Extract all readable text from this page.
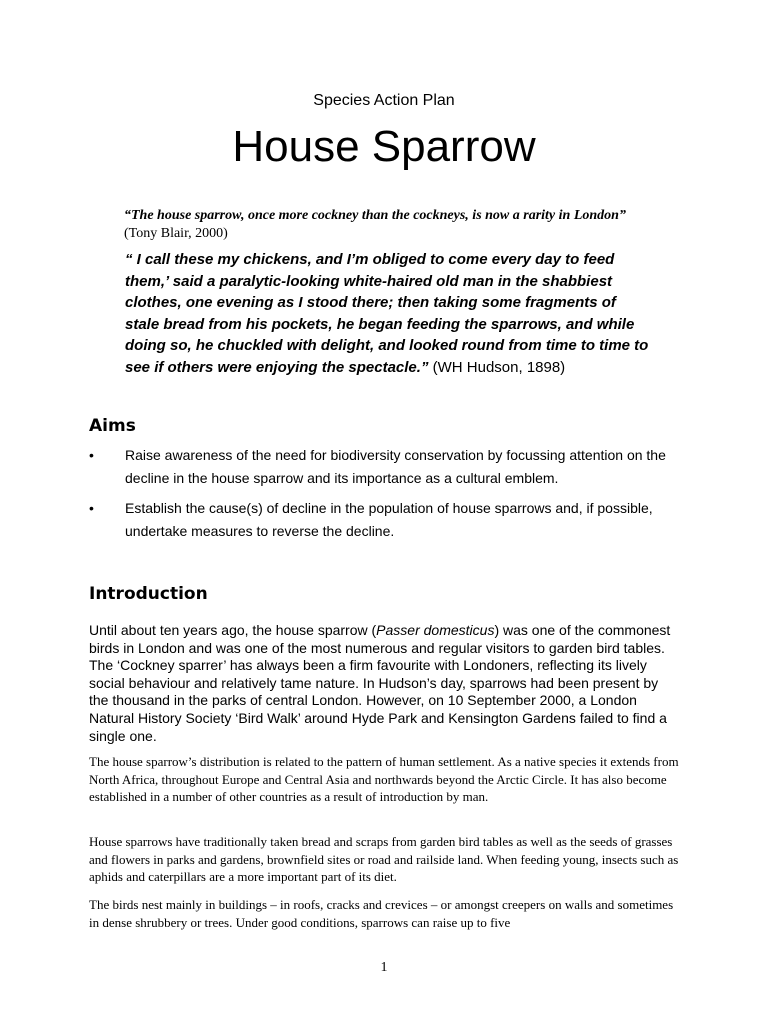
Species Action Plan
House Sparrow
“The house sparrow, once more cockney than the cockneys, is now a rarity in London” (Tony Blair, 2000)
“ I call these my chickens, and I’m obliged to come every day to feed them,’ said a paralytic-looking white-haired old man in the shabbiest clothes, one evening as I stood there; then taking some fragments of stale bread from his pockets, he began feeding the sparrows, and while doing so, he chuckled with delight, and looked round from time to time to see if others were enjoying the spectacle.” (WH Hudson, 1898)
Aims
•	Raise awareness of the need for biodiversity conservation by focussing attention on the decline in the house sparrow and its importance as a cultural emblem.
•	Establish the cause(s) of decline in the population of house sparrows and, if possible, undertake measures to reverse the decline.
Introduction
Until about ten years ago, the house sparrow (Passer domesticus) was one of the commonest birds in London and was one of the most numerous and regular visitors to garden bird tables. The ‘Cockney sparrer’ has always been a firm favourite with Londoners, reflecting its lively social behaviour and relatively tame nature. In Hudson’s day, sparrows had been present by the thousand in the parks of central London. However, on 10 September 2000, a London Natural History Society ‘Bird Walk’ around Hyde Park and Kensington Gardens failed to find a single one.
The house sparrow’s distribution is related to the pattern of human settlement. As a native species it extends from North Africa, throughout Europe and Central Asia and northwards beyond the Arctic Circle. It has also become established in a number of other countries as a result of introduction by man.
House sparrows have traditionally taken bread and scraps from garden bird tables as well as the seeds of grasses and flowers in parks and gardens, brownfield sites or road and railside land. When feeding young, insects such as aphids and caterpillars are a more important part of its diet.
The birds nest mainly in buildings – in roofs, cracks and crevices – or amongst creepers on walls and sometimes in dense shrubbery or trees. Under good conditions, sparrows can raise up to five
1
